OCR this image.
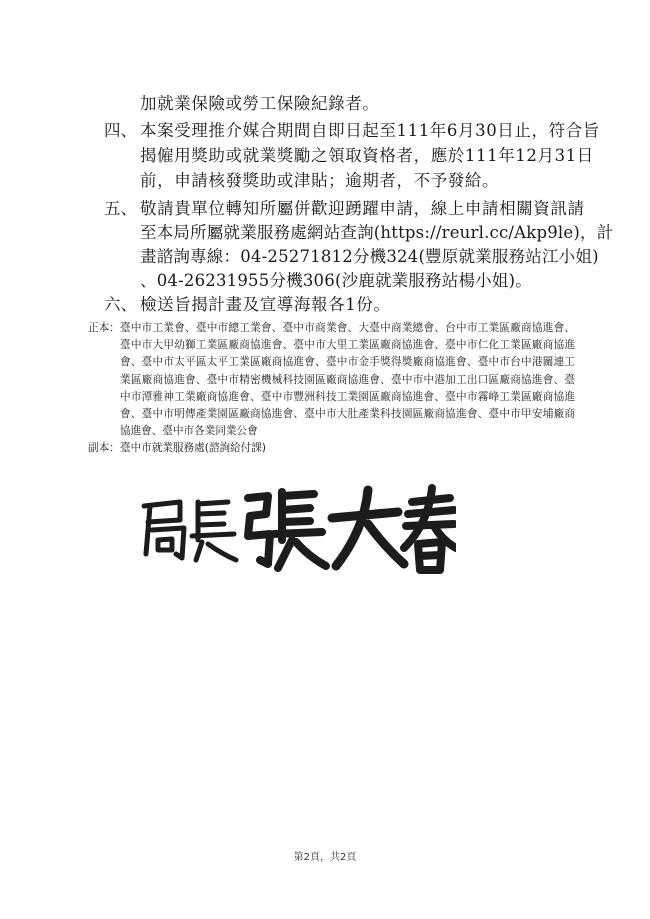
加就業保險或勞工保險紀錄者。
四、 本案受理推介媒合期間自即日起至111年6月30日止，符合旨
揭僱用獎助或就業獎勵之領取資格者，應於111年12月31日
前，申請核發獎助或津貼；逾期者，不予發給。
五、 敬請貴單位轉知所屬併歡迎踴躍申請，線上申請相關資訊請
至本局所屬就業服務處網站查詢(https://reurl.cc/Akp9le)，計
畫諮詢專線：04-25271812分機324(豐原就業服務站江小姐)
、04-26231955分機306(沙鹿就業服務站楊小姐)。
六、 檢送旨揭計畫及宣導海報各1份。
正本： 臺中市工業會、臺中市總工業會、臺中市商業會、大臺中商業總會、台中市工業區廠商協進會、臺中市大甲幼獅工業區廠商協進會、臺中市大里工業區廠商協進會、臺中市仁化工業區廠商協進會、臺中市太平區太平工業區廠商協進會、臺中市金手獎得獎廠商協進會、臺中市台中港關連工業區廠商協進會、臺中市精密機械科技園區廠商協進會、臺中市中港加工出口區廠商協進會、臺中市潭雅神工業廠商協進會、臺中市豐洲科技工業園區廠商協進會、臺中市霧峰工業區廠商協進會、臺中市明傳產業園區廠商協進會、臺中市大肚產業科技園區廠商協進會、臺中市甲安埔廠商協進會、臺中市各業同業公會
副本： 臺中市就業服務處(諮詢給付課)
第2頁，共2頁
